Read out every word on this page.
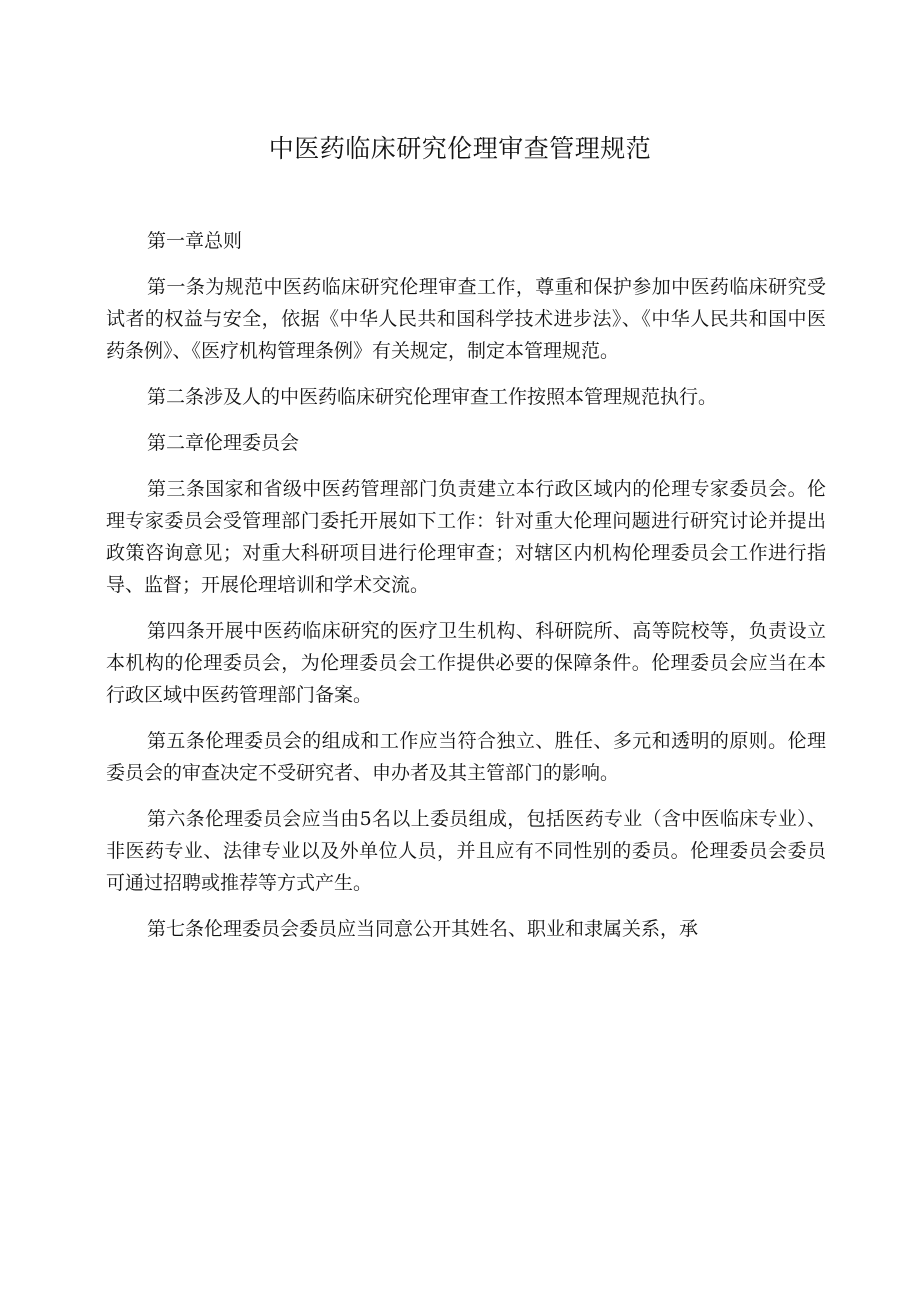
中医药临床研究伦理审查管理规范

第一章总则

第一条为规范中医药临床研究伦理审查工作，尊重和保护参加中医药临床研究受试者的权益与安全，依据《中华人民共和国科学技术进步法》、《中华人民共和国中医药条例》、《医疗机构管理条例》有关规定，制定本管理规范。

第二条涉及人的中医药临床研究伦理审查工作按照本管理规范执行。

第二章伦理委员会

第三条国家和省级中医药管理部门负责建立本行政区域内的伦理专家委员会。伦理专家委员会受管理部门委托开展如下工作：针对重大伦理问题进行研究讨论并提出政策咨询意见；对重大科研项目进行伦理审查；对辖区内机构伦理委员会工作进行指导、监督；开展伦理培训和学术交流。

第四条开展中医药临床研究的医疗卫生机构、科研院所、高等院校等，负责设立本机构的伦理委员会，为伦理委员会工作提供必要的保障条件。伦理委员会应当在本行政区域中医药管理部门备案。

第五条伦理委员会的组成和工作应当符合独立、胜任、多元和透明的原则。伦理委员会的审查决定不受研究者、申办者及其主管部门的影响。

第六条伦理委员会应当由5名以上委员组成，包括医药专业（含中医临床专业）、非医药专业、法律专业以及外单位人员，并且应有不同性别的委员。伦理委员会委员可通过招聘或推荐等方式产生。

第七条伦理委员会委员应当同意公开其姓名、职业和隶属关系，承
